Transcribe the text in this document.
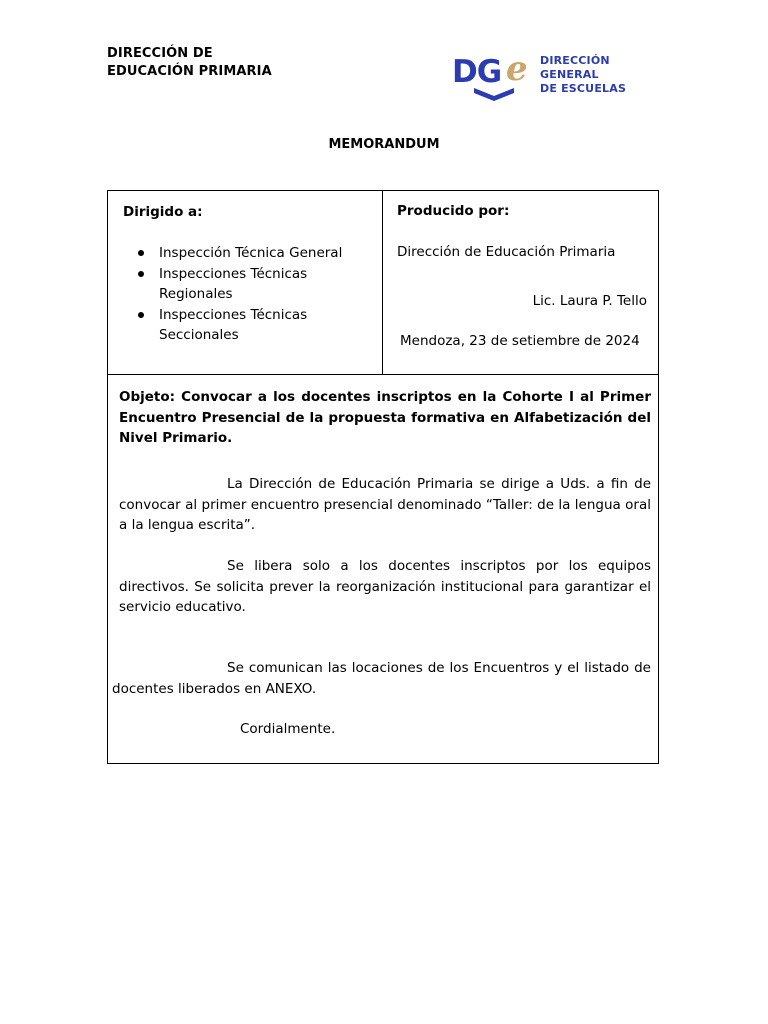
DIRECCIÓN DE
EDUCACIÓN PRIMARIA	DG e DIRECCIÓN GENERAL
DE ESCUELAS
MEMORANDUM
Dirigido a:
Inspección Técnica General
Inspecciones Técnicas Regionales
Inspecciones Técnicas Seccionales
Producido por:
Dirección de Educación Primaria
Lic. Laura P. Tello
Mendoza, 23 de setiembre de 2024
Objeto: Convocar a los docentes inscriptos en la Cohorte I al Primer Encuentro Presencial de la propuesta formativa en Alfabetización del Nivel Primario.
La Dirección de Educación Primaria se dirige a Uds. a fin de convocar al primer encuentro presencial denominado “Taller: de la lengua oral a la lengua escrita”.
Se libera solo a los docentes inscriptos por los equipos directivos. Se solicita prever la reorganización institucional para garantizar el servicio educativo.
Se comunican las locaciones de los Encuentros y el listado de docentes liberados en ANEXO.
Cordialmente.
